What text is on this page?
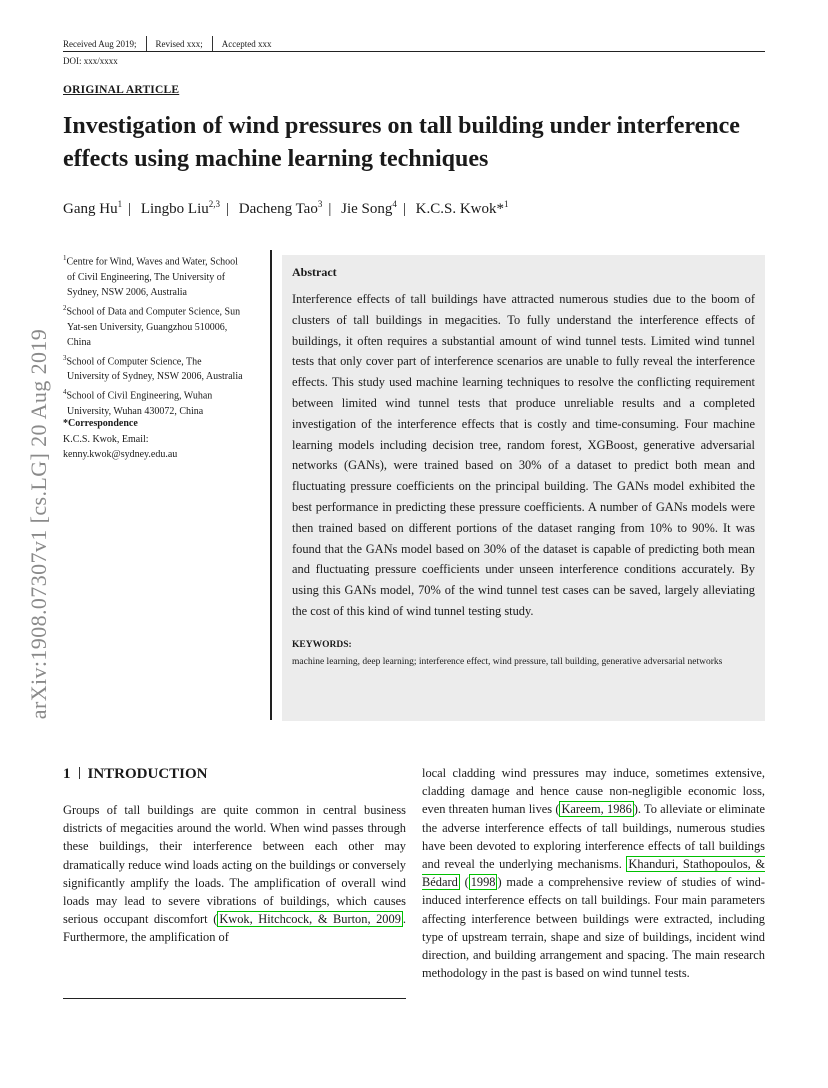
Received Aug 2019; Revised xxx; Accepted xxx
DOI: xxx/xxxx
ORIGINAL ARTICLE
Investigation of wind pressures on tall building under interference effects using machine learning techniques
Gang Hu$^1$ | Lingbo Liu$^{2,3}$ | Dacheng Tao$^3$ | Jie Song$^4$ | K.C.S. Kwok*$^1$
$^1$Centre for Wind, Waves and Water, School
of Civil Engineering, The University of
Sydney, NSW 2006, Australia
$^2$School of Data and Computer Science, Sun
Yat-sen University, Guangzhou 510006,
China
$^3$School of Computer Science, The
University of Sydney, NSW 2006, Australia
$^4$School of Civil Engineering, Wuhan
University, Wuhan 430072, China
*Correspondence
K.C.S. Kwok, Email:
kenny.kwok@sydney.edu.au
Abstract
Interference effects of tall buildings have attracted numerous studies due to the boom of clusters of tall buildings in megacities. To fully understand the interference effects of buildings, it often requires a substantial amount of wind tunnel tests. Limited wind tunnel tests that only cover part of interference scenarios are unable to fully reveal the interference effects. This study used machine learning techniques to resolve the conflicting requirement between limited wind tunnel tests that produce unreliable results and a completed investigation of the interference effects that is costly and time-consuming. Four machine learning models including decision tree, random forest, XGBoost, generative adversarial networks (GANs), were trained based on 30% of a dataset to predict both mean and fluctuating pressure coefficients on the principal building. The GANs model exhibited the best performance in predicting these pressure coefficients. A number of GANs models were then trained based on different portions of the dataset ranging from 10% to 90%. It was found that the GANs model based on 30% of the dataset is capable of predicting both mean and fluctuating pressure coefficients under unseen interference conditions accurately. By using this GANs model, 70% of the wind tunnel test cases can be saved, largely alleviating the cost of this kind of wind tunnel testing study.
KEYWORDS:
machine learning, deep learning; interference effect, wind pressure, tall building, generative adversarial networks
arXiv:1908.07307v1 [cs.LG] 20 Aug 2019
1 INTRODUCTION
Groups of tall buildings are quite common in central business districts of megacities around the world. When wind passes through these buildings, their interference between each other may dramatically reduce wind loads acting on the buildings or conversely significantly amplify the loads. The amplification of overall wind loads may lead to severe vibrations of buildings, which causes serious occupant discomfort ( Kwok, Hitchcock, & Burton, 2009 . Furthermore, the amplification of
local cladding wind pressures may induce, sometimes extensive, cladding damage and hence cause non-negligible economic loss, even threaten human lives ( Kareem, 1986 ). To alleviate or eliminate the adverse interference effects of tall buildings, numerous studies have been devoted to exploring interference effects of tall buildings and reveal the underlying mechanisms. Khanduri, Stathopoulos, & Bédard ( 1998 ) made a comprehensive review of studies of wind-induced interference effects on tall buildings. Four main parameters affecting interference between buildings were extracted, including type of upstream terrain, shape and size of buildings, incident wind direction, and building arrangement and spacing. The main research methodology in the past is based on wind tunnel tests.
